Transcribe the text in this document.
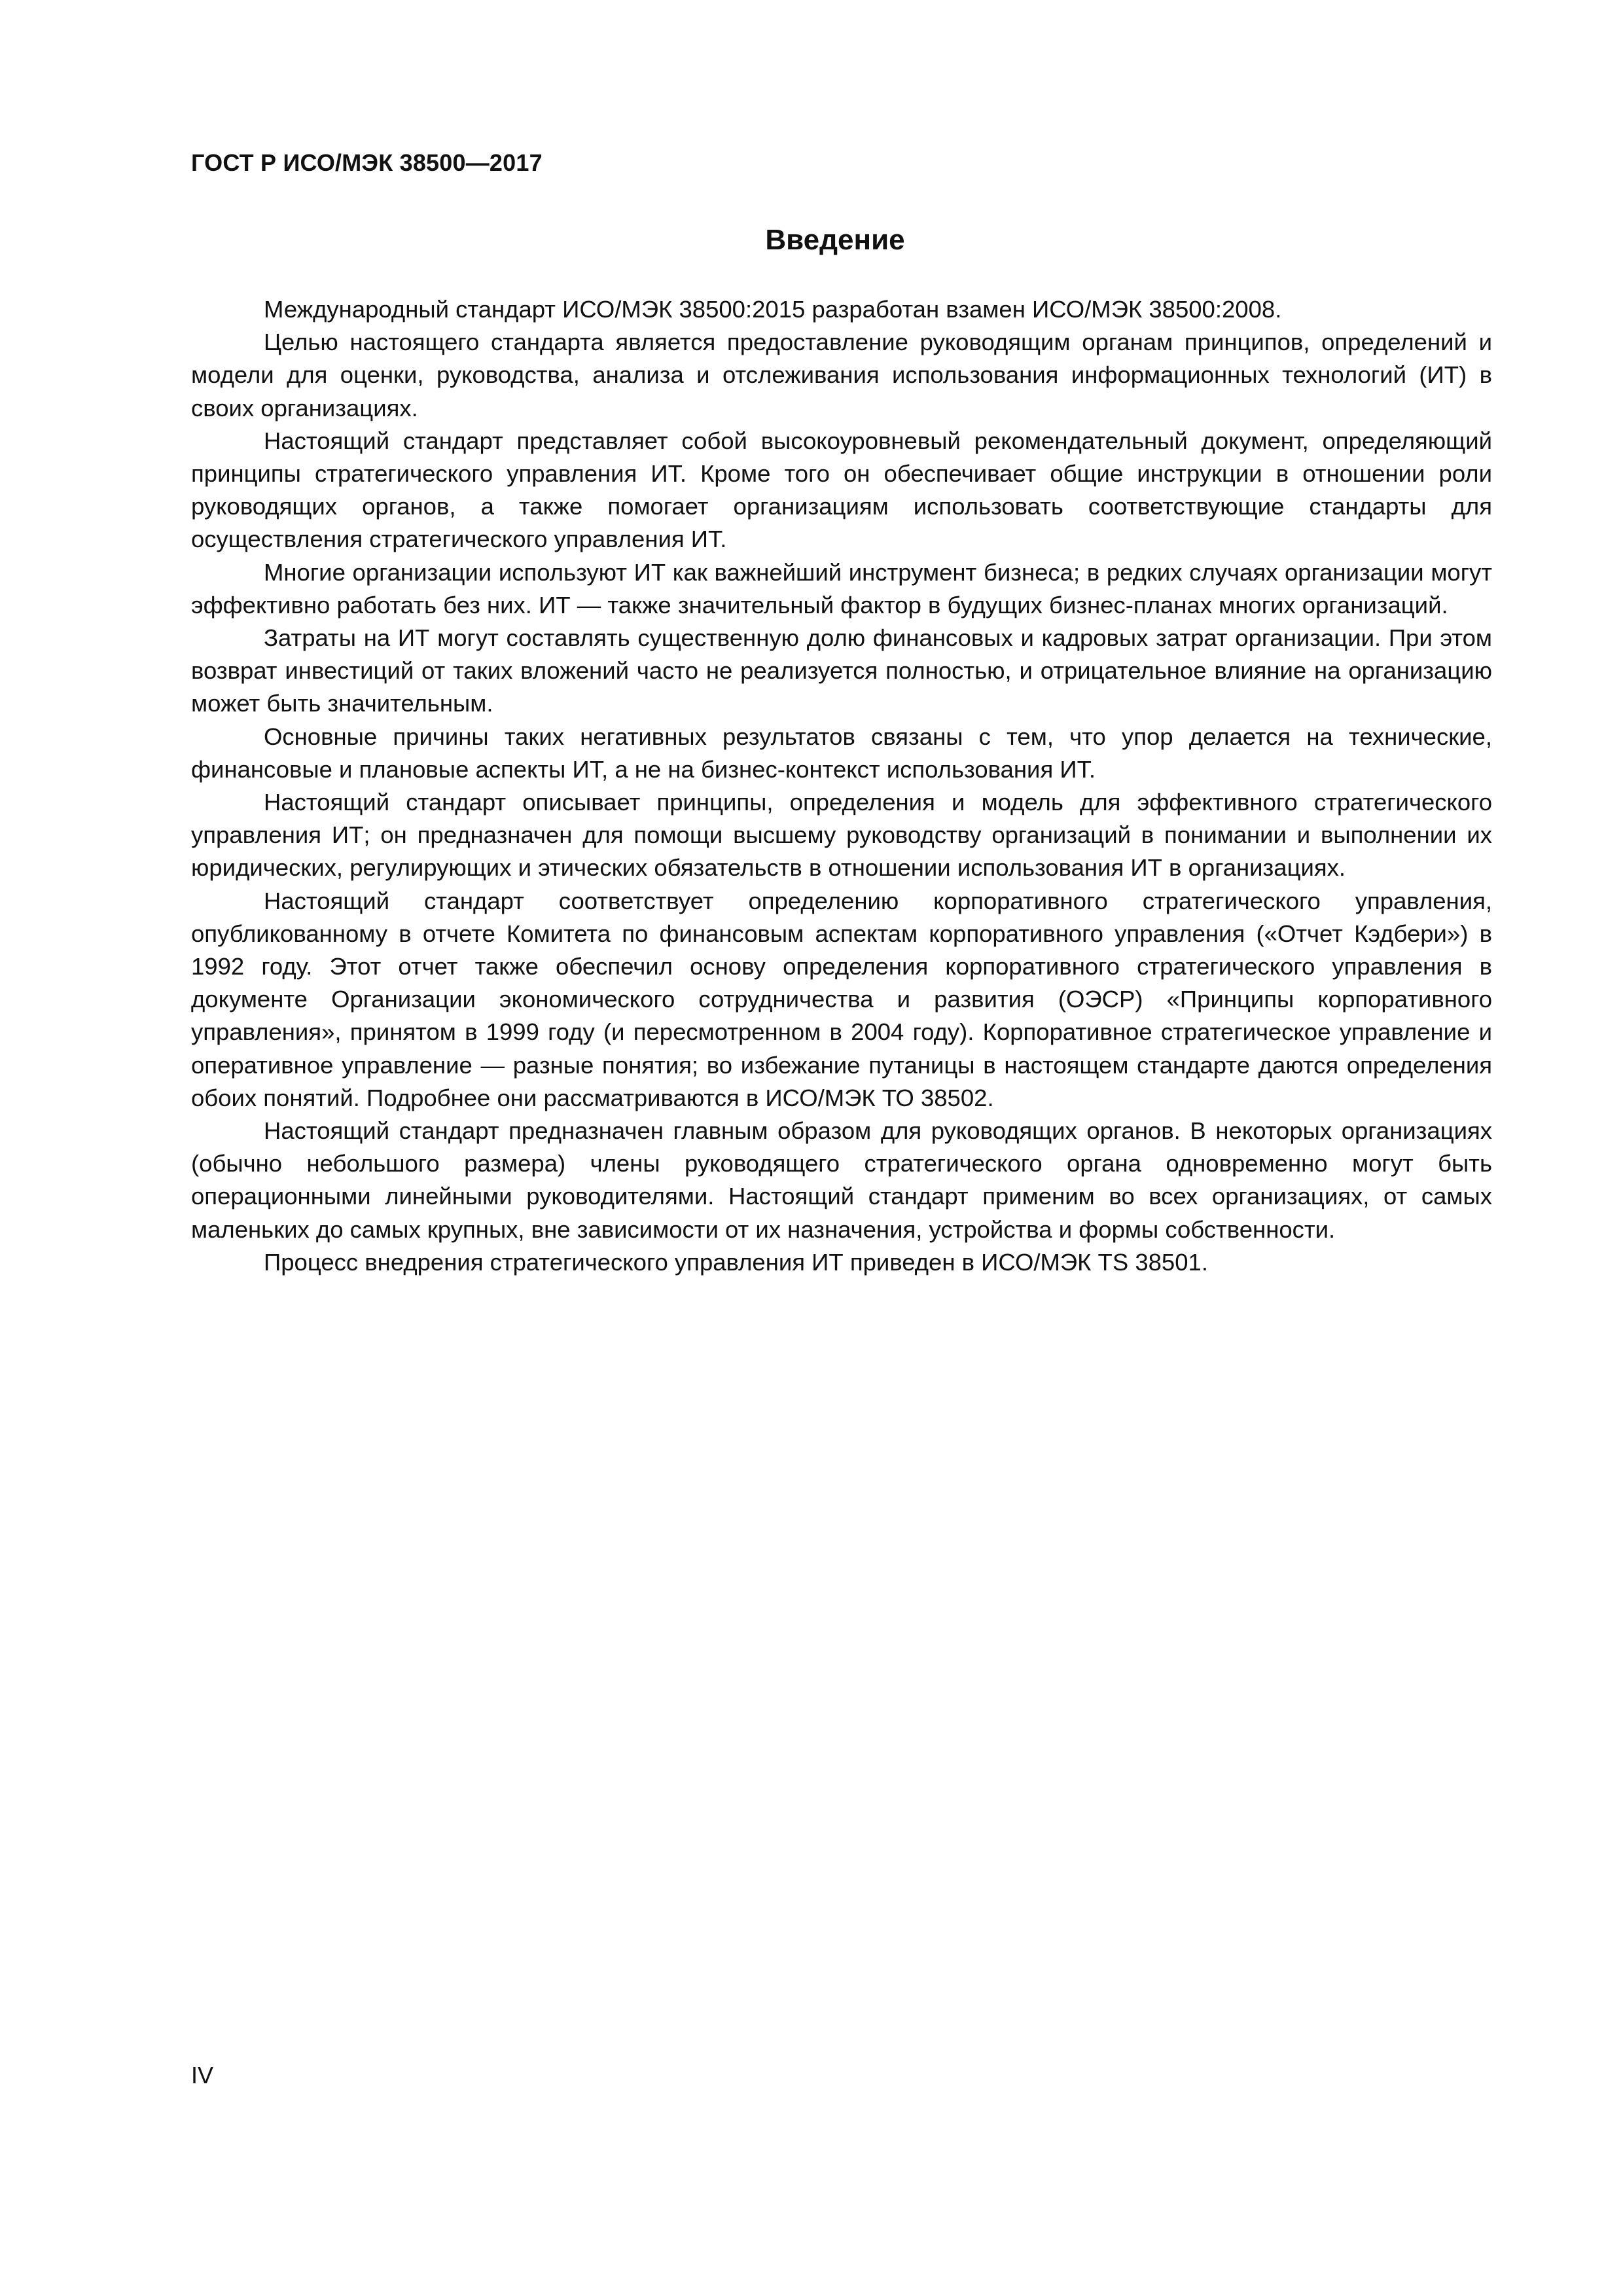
ГОСТ Р ИСО/МЭК 38500—2017
Введение

Международный стандарт ИСО/МЭК 38500:2015 разработан взамен ИСО/МЭК 38500:2008.

Целью настоящего стандарта является предоставление руководящим органам принципов, определений и модели для оценки, руководства, анализа и отслеживания использования информационных технологий (ИТ) в своих организациях.

Настоящий стандарт представляет собой высокоуровневый рекомендательный документ, определяющий принципы стратегического управления ИТ. Кроме того он обеспечивает общие инструкции в отношении роли руководящих органов, а также помогает организациям использовать соответствующие стандарты для осуществления стратегического управления ИТ.

Многие организации используют ИТ как важнейший инструмент бизнеса; в редких случаях организации могут эффективно работать без них. ИТ — также значительный фактор в будущих бизнес-планах многих организаций.

Затраты на ИТ могут составлять существенную долю финансовых и кадровых затрат организации. При этом возврат инвестиций от таких вложений часто не реализуется полностью, и отрицательное влияние на организацию может быть значительным.

Основные причины таких негативных результатов связаны с тем, что упор делается на технические, финансовые и плановые аспекты ИТ, а не на бизнес-контекст использования ИТ.

Настоящий стандарт описывает принципы, определения и модель для эффективного стратегического управления ИТ; он предназначен для помощи высшему руководству организаций в понимании и выполнении их юридических, регулирующих и этических обязательств в отношении использования ИТ в организациях.

Настоящий стандарт соответствует определению корпоративного стратегического управления, опубликованному в отчете Комитета по финансовым аспектам корпоративного управления («Отчет Кэдбери») в 1992 году. Этот отчет также обеспечил основу определения корпоративного стратегического управления в документе Организации экономического сотрудничества и развития (ОЭСР) «Принципы корпоративного управления», принятом в 1999 году (и пересмотренном в 2004 году). Корпоративное стратегическое управление и оперативное управление — разные понятия; во избежание путаницы в настоящем стандарте даются определения обоих понятий. Подробнее они рассматриваются в ИСО/МЭК ТО 38502.

Настоящий стандарт предназначен главным образом для руководящих органов. В некоторых организациях (обычно небольшого размера) члены руководящего стратегического органа одновременно могут быть операционными линейными руководителями. Настоящий стандарт применим во всех организациях, от самых маленьких до самых крупных, вне зависимости от их назначения, устройства и формы собственности.

Процесс внедрения стратегического управления ИТ приведен в ИСО/МЭК TS 38501.

IV
